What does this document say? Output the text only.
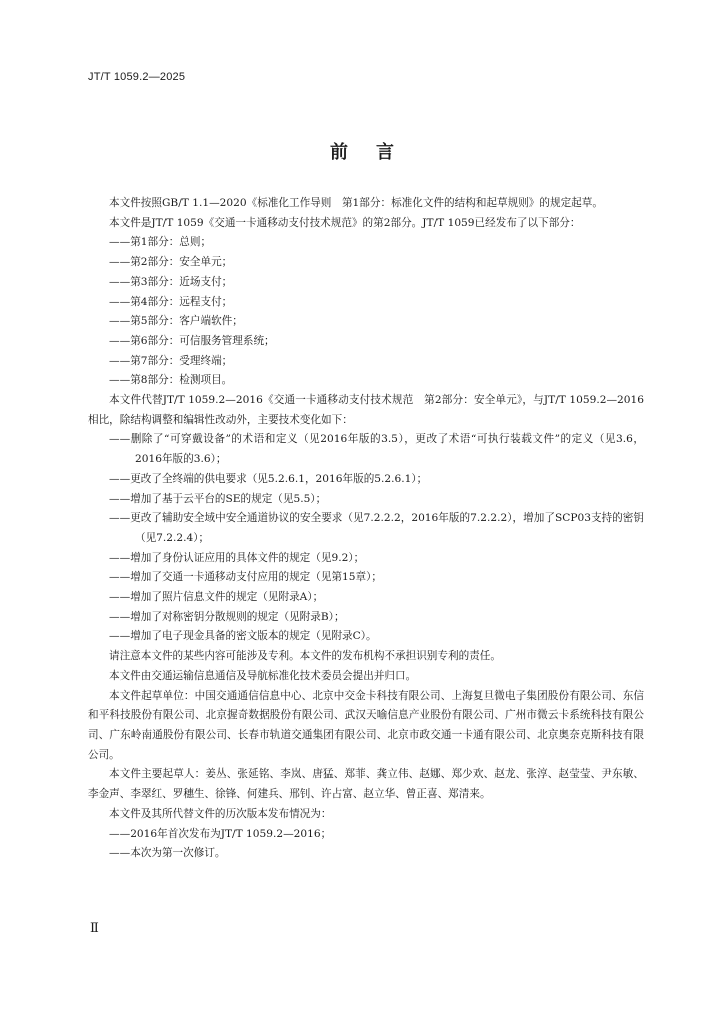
JT/T 1059.2—2025
前 言

本文件按照GB/T 1.1—2020《标准化工作导则　第1部分：标准化文件的结构和起草规则》的规定起草。

本文件是JT/T 1059《交通一卡通移动支付技术规范》的第2部分。JT/T 1059已经发布了以下部分：

——第1部分：总则；

——第2部分：安全单元；

——第3部分：近场支付；

——第4部分：远程支付；

——第5部分：客户端软件；

——第6部分：可信服务管理系统；

——第7部分：受理终端；

——第8部分：检测项目。

本文件代替JT/T 1059.2—2016《交通一卡通移动支付技术规范　第2部分：安全单元》，与JT/T 1059.2—2016相比，除结构调整和编辑性改动外，主要技术变化如下：

——删除了“可穿戴设备”的术语和定义（见2016年版的3.5），更改了术语“可执行装载文件”的定义（见3.6，2016年版的3.6）；

——更改了全终端的供电要求（见5.2.6.1，2016年版的5.2.6.1）；

——增加了基于云平台的SE的规定（见5.5）；

——更改了辅助安全域中安全通道协议的安全要求（见7.2.2.2，2016年版的7.2.2.2），增加了SCP03支持的密钥（见7.2.2.4）；

——增加了身份认证应用的具体文件的规定（见9.2）；

——增加了交通一卡通移动支付应用的规定（见第15章）；

——增加了照片信息文件的规定（见附录A）；

——增加了对称密钥分散规则的规定（见附录B）；

——增加了电子现金具备的密文版本的规定（见附录C）。

请注意本文件的某些内容可能涉及专利。本文件的发布机构不承担识别专利的责任。

本文件由交通运输信息通信及导航标准化技术委员会提出并归口。

本文件起草单位：中国交通通信信息中心、北京中交金卡科技有限公司、上海复旦微电子集团股份有限公司、东信和平科技股份有限公司、北京握奇数据股份有限公司、武汉天喻信息产业股份有限公司、广州市微云卡系统科技有限公司、广东岭南通股份有限公司、长春市轨道交通集团有限公司、北京市政交通一卡通有限公司、北京奥奈克斯科技有限公司。

本文件主要起草人：姜丛、张延铭、李岚、唐猛、郑菲、龚立伟、赵娜、郑少欢、赵龙、张淳、赵莹莹、尹东敏、李金声、李翠红、罗穗生、徐锋、何建兵、邢钊、许占富、赵立华、曾正喜、郑清来。

本文件及其所代替文件的历次版本发布情况为：

——2016年首次发布为JT/T 1059.2—2016；

——本次为第一次修订。

Ⅱ
